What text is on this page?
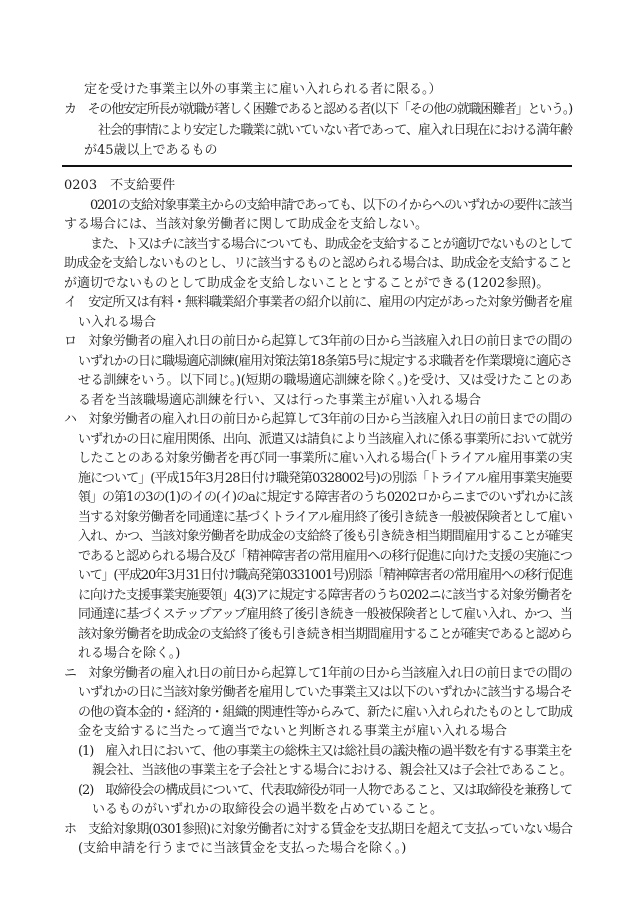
定を受けた事業主以外の事業主に雇い入れられる者に限る。）
カ　その他安定所長が就職が著しく困難であると認める者(以下「その他の就職困難者」という。)
社会的事情により安定した職業に就いていない者であって、雇入れ日現在における満年齢
が45歳以上であるもの
0203　不支給要件
0201の支給対象事業主からの支給申請であっても、以下のイからへのいずれかの要件に該当
する場合には、当該対象労働者に関して助成金を支給しない。
また、ト又はチに該当する場合についても、助成金を支給することが適切でないものとして
助成金を支給しないものとし、リに該当するものと認められる場合は、助成金を支給すること
が適切でないものとして助成金を支給しないこととすることができる(1202参照)。
イ　安定所又は有料・無料職業紹介事業者の紹介以前に、雇用の内定があった対象労働者を雇
い入れる場合
ロ　対象労働者の雇入れ日の前日から起算して3年前の日から当該雇入れ日の前日までの間の
いずれかの日に職場適応訓練(雇用対策法第18条第5号に規定する求職者を作業環境に適応さ
せる訓練をいう。以下同じ。)(短期の職場適応訓練を除く。)を受け、又は受けたことのあ
る者を当該職場適応訓練を行い、又は行った事業主が雇い入れる場合
ハ　対象労働者の雇入れ日の前日から起算して3年前の日から当該雇入れ日の前日までの間の
いずれかの日に雇用関係、出向、派遣又は請負により当該雇入れに係る事業所において就労
したことのある対象労働者を再び同一事業所に雇い入れる場合(「トライアル雇用事業の実
施について」(平成15年3月28日付け職発第0328002号)の別添「トライアル雇用事業実施要
領」の第1の3の(1)のイの(イ)のaに規定する障害者のうち0202ロからニまでのいずれかに該
当する対象労働者を同通達に基づくトライアル雇用終了後引き続き一般被保険者として雇い
入れ、かつ、当該対象労働者を助成金の支給終了後も引き続き相当期間雇用することが確実
であると認められる場合及び「精神障害者の常用雇用への移行促進に向けた支援の実施につ
いて」(平成20年3月31日付け職高発第0331001号)別添「精神障害者の常用雇用への移行促進
に向けた支援事業実施要領」4(3)アに規定する障害者のうち0202ニに該当する対象労働者を
同通達に基づくステップアップ雇用終了後引き続き一般被保険者として雇い入れ、かつ、当
該対象労働者を助成金の支給終了後も引き続き相当期間雇用することが確実であると認めら
れる場合を除く。)
ニ　対象労働者の雇入れ日の前日から起算して1年前の日から当該雇入れ日の前日までの間の
いずれかの日に当該対象労働者を雇用していた事業主又は以下のいずれかに該当する場合そ
の他の資本金的・経済的・組織的関連性等からみて、新たに雇い入れられたものとして助成
金を支給するに当たって適当でないと判断される事業主が雇い入れる場合
(1)　雇入れ日において、他の事業主の総株主又は総社員の議決権の過半数を有する事業主を
親会社、当該他の事業主を子会社とする場合における、親会社又は子会社であること。
(2)　取締役会の構成員について、代表取締役が同一人物であること、又は取締役を兼務して
いるものがいずれかの取締役会の過半数を占めていること。
ホ　支給対象期(0301参照)に対象労働者に対する賃金を支払期日を超えて支払っていない場合
(支給申請を行うまでに当該賃金を支払った場合を除く。)
